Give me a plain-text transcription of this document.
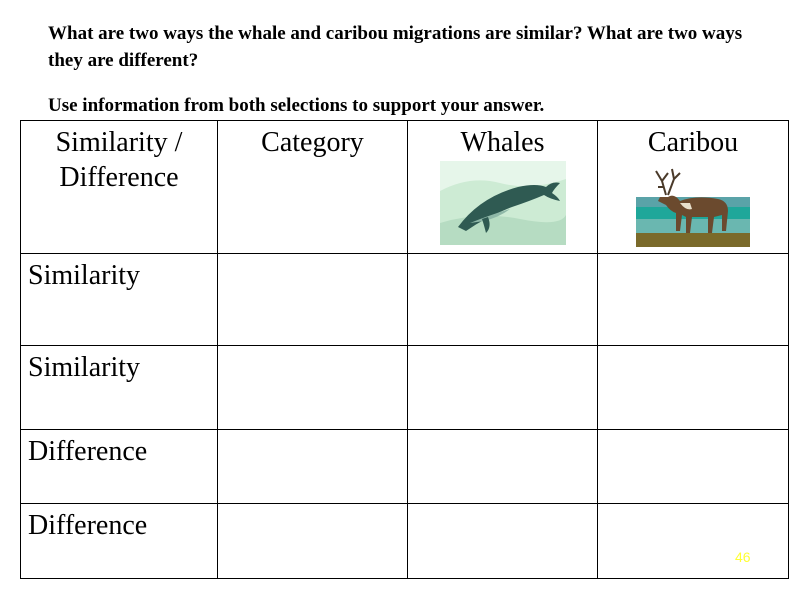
What are two ways the whale and caribou migrations are similar? What are two ways they are different?
Use information from both selections to support your answer.
Similarity /
Difference	Category	Whales	Caribou

Similarity			
Similarity			
Difference			
Difference			
46
